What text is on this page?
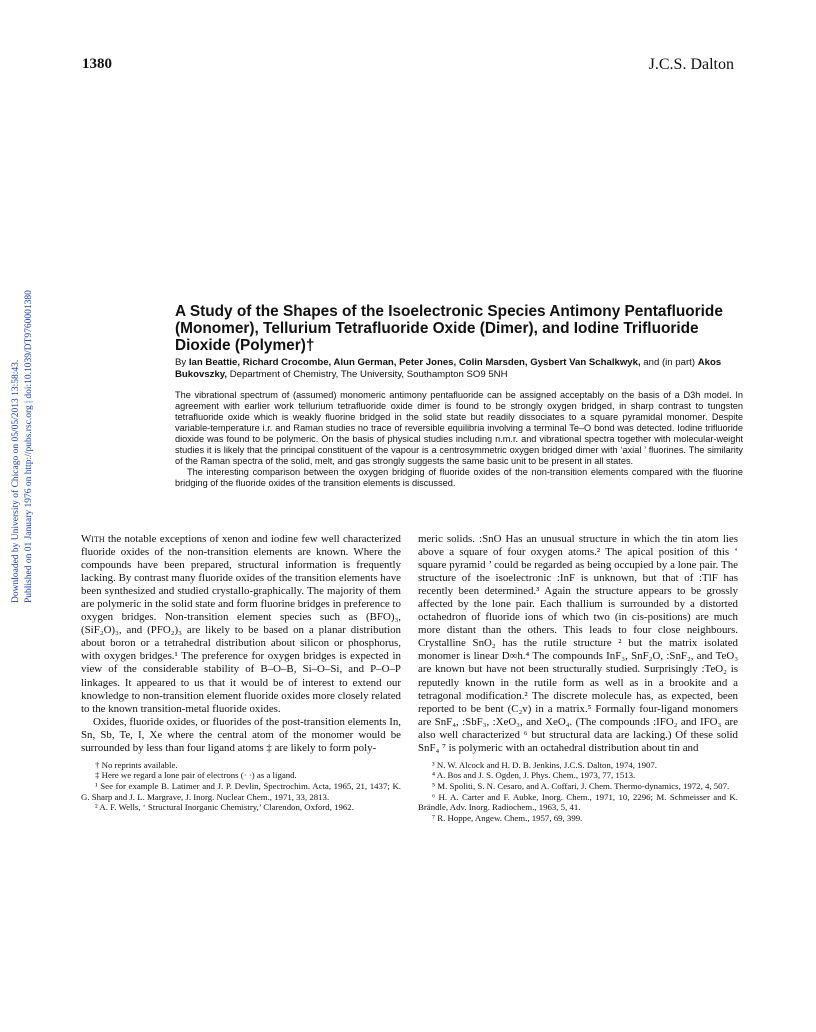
1380	J.C.S. Dalton
Downloaded by University of Chicago on 05/05/2013 13:58:43. Published on 01 January 1976 on http://pubs.rsc.org | doi:10.1039/DT9760001380	A Study of the Shapes of the Isoelectronic Species Antimony Pentafluoride (Monomer), Tellurium Tetrafluoride Oxide (Dimer), and Iodine Trifluoride Dioxide (Polymer)†

By Ian Beattie, Richard Crocombe, Alun German, Peter Jones, Colin Marsden, Gysbert Van Schalkwyk, and (in part) Akos Bukovszky, Department of Chemistry, The University, Southampton SO9 5NH

The vibrational spectrum of (assumed) monomeric antimony pentafluoride can be assigned acceptably on the basis of a D3h model. In agreement with earlier work tellurium tetrafluoride oxide dimer is found to be strongly oxygen bridged, in sharp contrast to tungsten tetrafluoride oxide which is weakly fluorine bridged in the solid state but readily dissociates to a square pyramidal monomer. Despite variable-temperature i.r. and Raman studies no trace of reversible equilibria involving a terminal Te–O bond was detected. Iodine trifluoride dioxide was found to be polymeric. On the basis of physical studies including n.m.r. and vibrational spectra together with molecular-weight studies it is likely that the principal constituent of the vapour is a centrosymmetric oxygen bridged dimer with ‘axial ’ fluorines. The similarity of the Raman spectra of the solid, melt, and gas strongly suggests the same basic unit to be present in all states.

The interesting comparison between the oxygen bridging of fluoride oxides of the non-transition elements compared with the fluorine bridging of the fluoride oxides of the transition elements is discussed.

With the notable exceptions of xenon and iodine few well characterized fluoride oxides of the non-transition elements are known. Where the compounds have been prepared, structural information is frequently lacking. By contrast many fluoride oxides of the transition elements have been synthesized and studied crystallo-graphically. The majority of them are polymeric in the solid state and form fluorine bridges in preference to oxygen bridges. Non-transition element species such as (BFO)₃, (SiF₂O)₃, and (PFO₂)₃ are likely to be based on a planar distribution about boron or a tetrahedral distribution about silicon or phosphorus, with oxygen bridges.¹ The preference for oxygen bridges is expected in view of the considerable stability of B–O–B, Si–O–Si, and P–O–P linkages. It appeared to us that it would be of interest to extend our knowledge to non-transition element fluoride oxides more closely related to the known transition-metal fluoride oxides.

Oxides, fluoride oxides, or fluorides of the post-transition elements In, Sn, Sb, Te, I, Xe where the central atom of the monomer would be surrounded by less than four ligand atoms ‡ are likely to form poly-

† No reprints available.

‡ Here we regard a lone pair of electrons (· ·) as a ligand.

¹ See for example B. Latimer and J. P. Devlin, Spectrochim. Acta, 1965, 21, 1437; K. G. Sharp and J. L. Margrave, J. Inorg. Nuclear Chem., 1971, 33, 2813.

² A. F. Wells, ‘ Structural Inorganic Chemistry,’ Clarendon, Oxford, 1962.

meric solids. :SnO Has an unusual structure in which the tin atom lies above a square of four oxygen atoms.² The apical position of this ‘ square pyramid ’ could be regarded as being occupied by a lone pair. The structure of the isoelectronic :InF is unknown, but that of :TlF has recently been determined.³ Again the structure appears to be grossly affected by the lone pair. Each thallium is surrounded by a distorted octahedron of fluoride ions of which two (in cis-positions) are much more distant than the others. This leads to four close neighbours. Crystalline SnO₂ has the rutile structure ² but the matrix isolated monomer is linear D∞h.⁴ The compounds InF₃, SnF₂O, :SnF₂, and TeO₃ are known but have not been structurally studied. Surprisingly :TeO₂ is reputedly known in the rutile form as well as in a brookite and a tetragonal modification.² The discrete molecule has, as expected, been reported to be bent (C₂v) in a matrix.⁵ Formally four-ligand monomers are SnF₄, :SbF₃, :XeO₃, and XeO₄. (The compounds :IFO₂ and IFO₃ are also well characterized ⁶ but structural data are lacking.) Of these solid SnF₄ ⁷ is polymeric with an octahedral distribution about tin and

³ N. W. Alcock and H. D. B. Jenkins, J.C.S. Dalton, 1974, 1907.

⁴ A. Bos and J. S. Ogden, J. Phys. Chem., 1973, 77, 1513.

⁵ M. Spoliti, S. N. Cesaro, and A. Coffari, J. Chem. Thermo-dynamics, 1972, 4, 507.

⁶ H. A. Carter and F. Aubke, Inorg. Chem., 1971, 10, 2296; M. Schmeisser and K. Brändle, Adv. Inorg. Radiochem., 1963, 5, 41.

⁷ R. Hoppe, Angew. Chem., 1957, 69, 399.
